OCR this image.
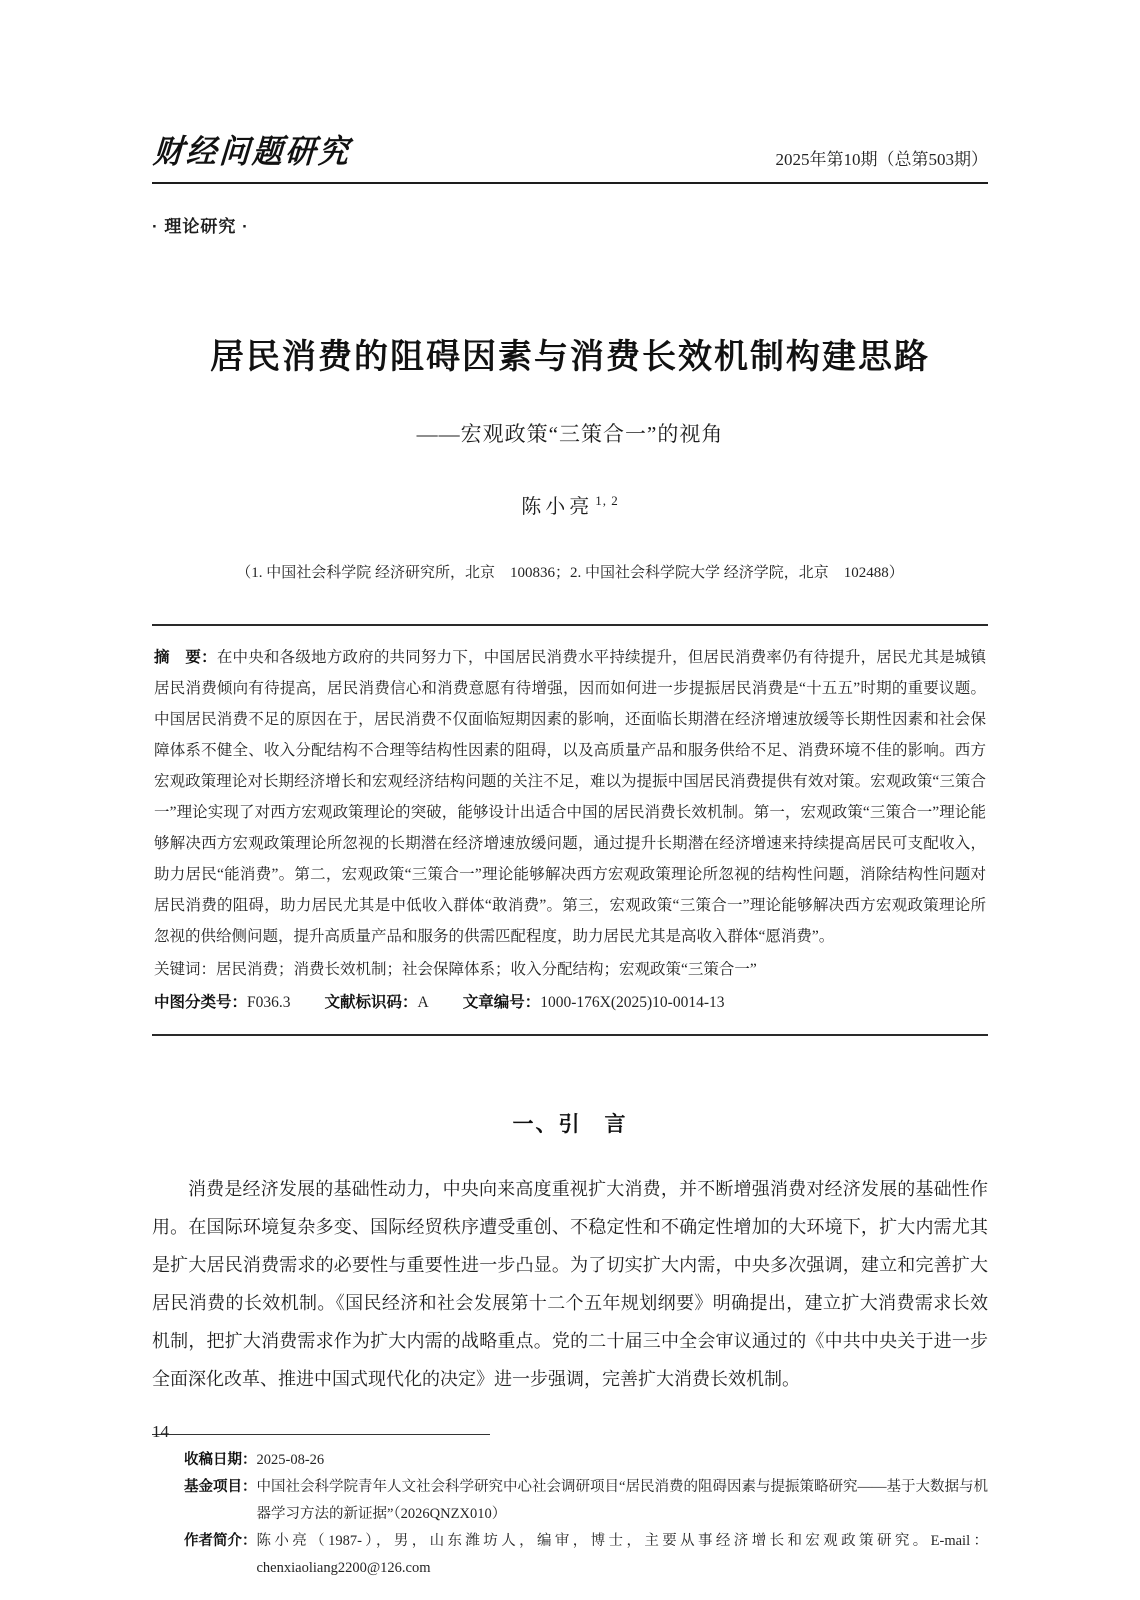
财经问题研究	2025年第10期（总第503期）
· 理论研究 ·
居民消费的阻碍因素与消费长效机制构建思路
——宏观政策“三策合一”的视角
陈小亮 $^{1, 2}$
（1. 中国社会科学院 经济研究所，北京　100836；2. 中国社会科学院大学 经济学院，北京　102488）

摘　要：在中央和各级地方政府的共同努力下，中国居民消费水平持续提升，但居民消费率仍有待提升，居民尤其是城镇居民消费倾向有待提高，居民消费信心和消费意愿有待增强，因而如何进一步提振居民消费是“十五五”时期的重要议题。中国居民消费不足的原因在于，居民消费不仅面临短期因素的影响，还面临长期潜在经济增速放缓等长期性因素和社会保障体系不健全、收入分配结构不合理等结构性因素的阻碍，以及高质量产品和服务供给不足、消费环境不佳的影响。西方宏观政策理论对长期经济增长和宏观经济结构问题的关注不足，难以为提振中国居民消费提供有效对策。宏观政策“三策合一”理论实现了对西方宏观政策理论的突破，能够设计出适合中国的居民消费长效机制。第一，宏观政策“三策合一”理论能够解决西方宏观政策理论所忽视的长期潜在经济增速放缓问题，通过提升长期潜在经济增速来持续提高居民可支配收入，助力居民“能消费”。第二，宏观政策“三策合一”理论能够解决西方宏观政策理论所忽视的结构性问题，消除结构性问题对居民消费的阻碍，助力居民尤其是中低收入群体“敢消费”。第三，宏观政策“三策合一”理论能够解决西方宏观政策理论所忽视的供给侧问题，提升高质量产品和服务的供需匹配程度，助力居民尤其是高收入群体“愿消费”。

关键词：居民消费；消费长效机制；社会保障体系；收入分配结构；宏观政策“三策合一”

中图分类号：F036.3 文献标识码：A 文章编号：1000-176X(2025)10-0014-13

一、引　言

消费是经济发展的基础性动力，中央向来高度重视扩大消费，并不断增强消费对经济发展的基础性作用。在国际环境复杂多变、国际经贸秩序遭受重创、不稳定性和不确定性增加的大环境下，扩大内需尤其是扩大居民消费需求的必要性与重要性进一步凸显。为了切实扩大内需，中央多次强调，建立和完善扩大居民消费的长效机制。《国民经济和社会发展第十二个五年规划纲要》明确提出，建立扩大消费需求长效机制，把扩大消费需求作为扩大内需的战略重点。党的二十届三中全会审议通过的《中共中央关于进一步全面深化改革、推进中国式现代化的决定》进一步强调，完善扩大消费长效机制。

收稿日期： 2025-08-26
基金项目： 中国社会科学院青年人文社会科学研究中心社会调研项目“居民消费的阻碍因素与提振策略研究——基于大数据与机器学习方法的新证据”（2026QNZX010）
作者简介： 陈小亮（1987-），男，山东潍坊人，编审，博士，主要从事经济增长和宏观政策研究。E-mail：chenxiaoliang2200@126.com
14
